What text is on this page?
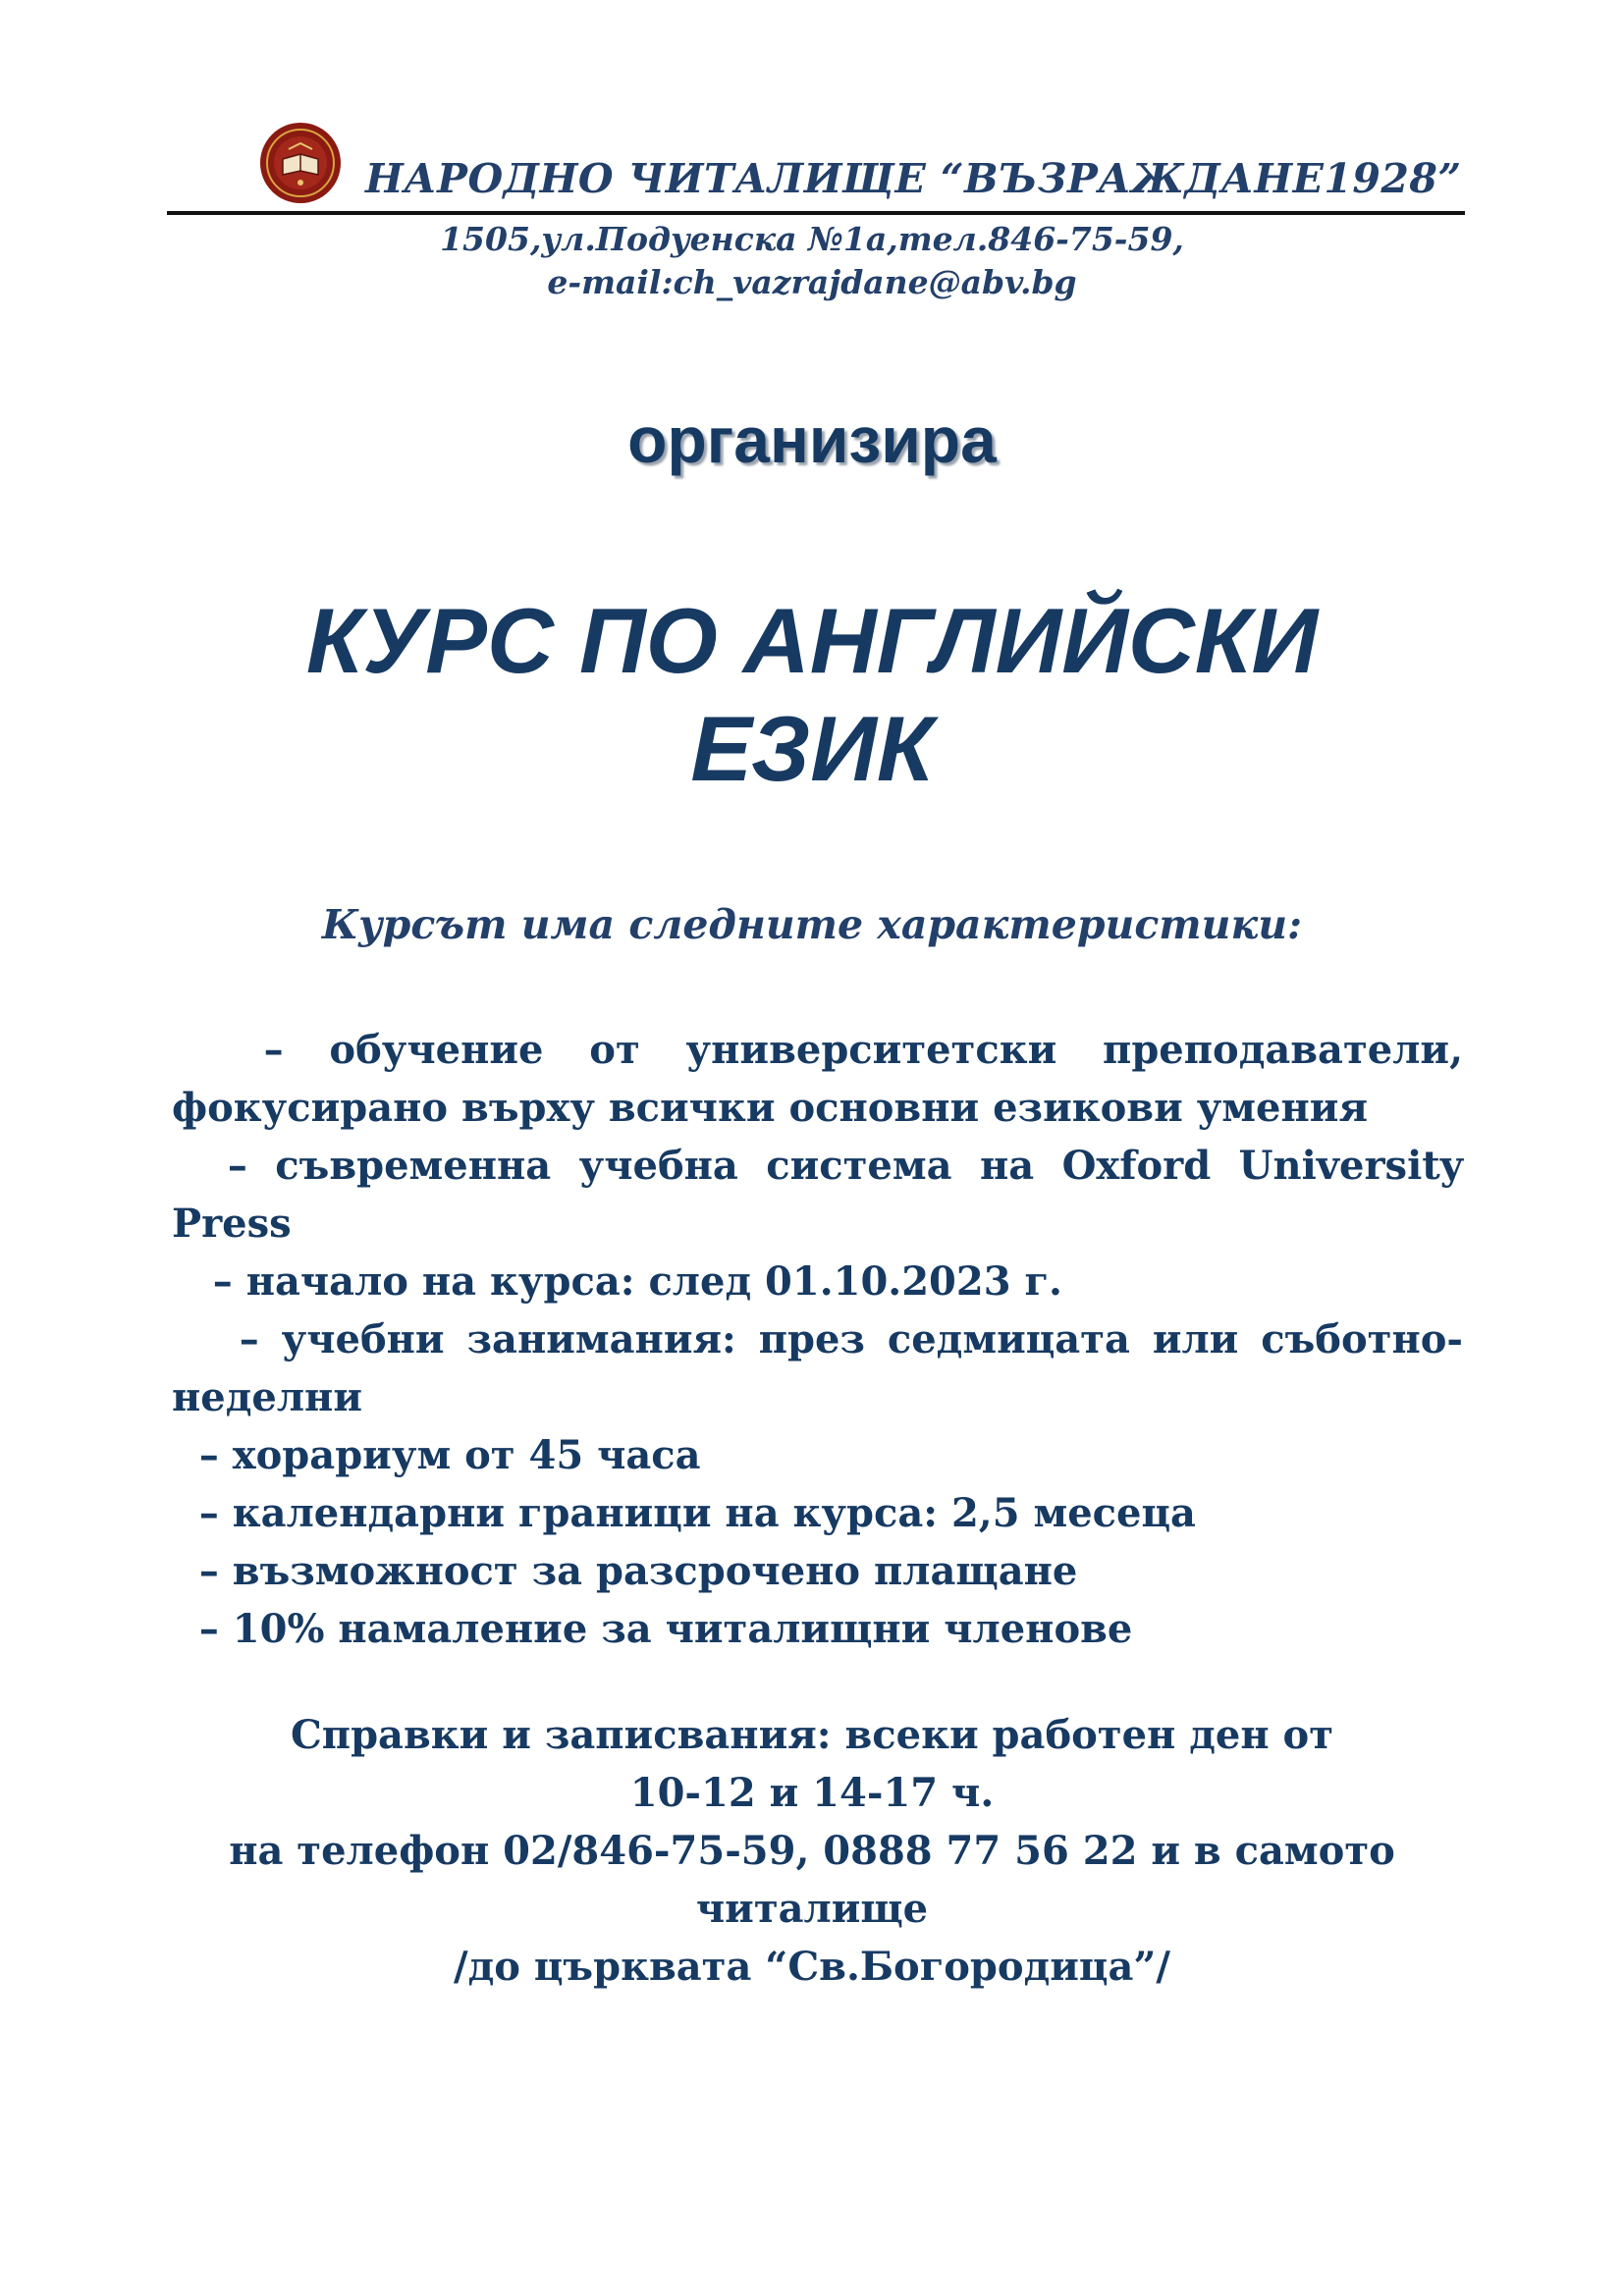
НАРОДНО ЧИТАЛИЩЕ “ВЪЗРАЖДАНЕ1928”
1505,ул.Подуенска №1а,тел.846-75-59,
e-mail:ch_vazrajdane@abv.bg
организира
КУРС ПО АНГЛИЙСКИ
ЕЗИК
Курсът има следните характеристики:
– обучение от университетски преподаватели, фокусирано върху всички основни езикови умения
– съвременна учебна система на Oxford University Press
– начало на курса: след 01.10.2023 г.
– учебни занимания: през седмицата или съботно-неделни
– хорариум от 45 часа
– календарни граници на курса: 2,5 месеца
– възможност за разсрочено плащане
– 10% намаление за читалищни членове
Справки и записвания: всеки работен ден от
10-12 и 14-17 ч.
на телефон 02/846-75-59, 0888 77 56 22 и в самото
читалище
/до църквата “Св.Богородица”/
